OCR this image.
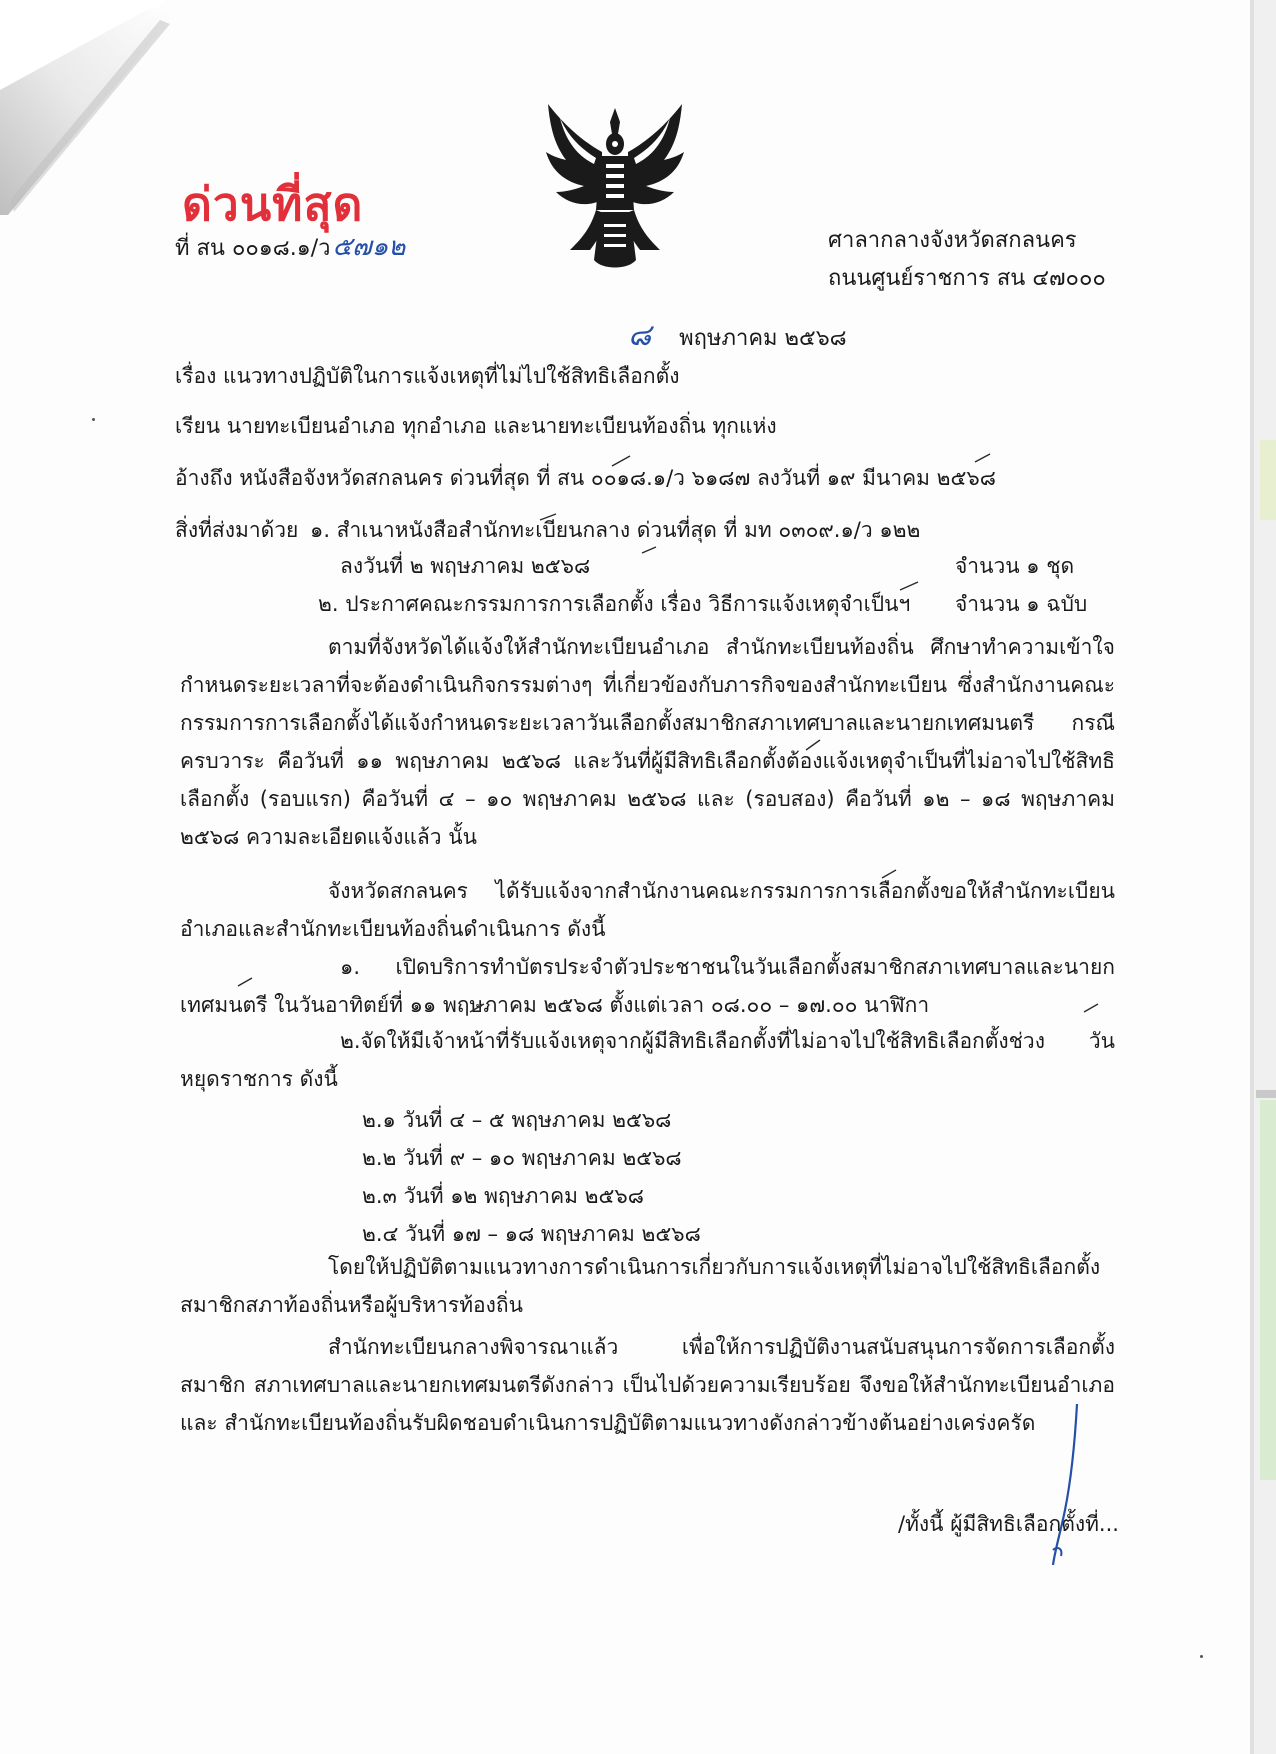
ด่วนที่สุด
ที่ สน ๐๐๑๘.๑/ว๕๗๑๒	ศาลากลางจังหวัดสกลนคร
ถนนศูนย์ราชการ สน ๔๗๐๐๐
๘ พฤษภาคม ๒๕๖๘
เรื่อง แนวทางปฏิบัติในการแจ้งเหตุที่ไม่ไปใช้สิทธิเลือกตั้ง
เรียน นายทะเบียนอำเภอ ทุกอำเภอ และนายทะเบียนท้องถิ่น ทุกแห่ง
อ้างถึง หนังสือจังหวัดสกลนคร ด่วนที่สุด ที่ สน ๐๐๑๘.๑/ว ๖๑๘๗ ลงวันที่ ๑๙ มีนาคม ๒๕๖๘
สิ่งที่ส่งมาด้วย ๑. สำเนาหนังสือสำนักทะเบียนกลาง ด่วนที่สุด ที่ มท ๐๓๐๙.๑/ว ๑๒๒
ลงวันที่ ๒ พฤษภาคม ๒๕๖๘	จำนวน ๑ ชุด
๒. ประกาศคณะกรรมการการเลือกตั้ง เรื่อง วิธีการแจ้งเหตุจำเป็นฯ จำนวน ๑ ฉบับ
ตามที่จังหวัดได้แจ้งให้สำนักทะเบียนอำเภอ สำนักทะเบียนท้องถิ่น ศึกษาทำความเข้าใจ กำหนดระยะเวลาที่จะต้องดำเนินกิจกรรมต่างๆ ที่เกี่ยวข้องกับภารกิจของสำนักทะเบียน ซึ่งสำนักงานคณะกรรมการการเลือกตั้งได้แจ้งกำหนดระยะเวลาวันเลือกตั้งสมาชิกสภาเทศบาลและนายกเทศมนตรี กรณีครบวาระ คือวันที่ ๑๑ พฤษภาคม ๒๕๖๘ และวันที่ผู้มีสิทธิเลือกตั้งต้องแจ้งเหตุจำเป็นที่ไม่อาจไปใช้สิทธิเลือกตั้ง (รอบแรก) คือวันที่ ๔ – ๑๐ พฤษภาคม ๒๕๖๘ และ (รอบสอง) คือวันที่ ๑๒ – ๑๘ พฤษภาคม ๒๕๖๘ ความละเอียดแจ้งแล้ว นั้น
จังหวัดสกลนคร ได้รับแจ้งจากสำนักงานคณะกรรมการการเลือกตั้งขอให้สำนักทะเบียน อำเภอและสำนักทะเบียนท้องถิ่นดำเนินการ ดังนี้
๑. เปิดบริการทำบัตรประจำตัวประชาชนในวันเลือกตั้งสมาชิกสภาเทศบาลและนายกเทศมนตรี ในวันอาทิตย์ที่ ๑๑ พฤษภาคม ๒๕๖๘ ตั้งแต่เวลา ๐๘.๐๐ – ๑๗.๐๐ นาฬิกา
๒.จัดให้มีเจ้าหน้าที่รับแจ้งเหตุจากผู้มีสิทธิเลือกตั้งที่ไม่อาจไปใช้สิทธิเลือกตั้งช่วง วันหยุดราชการ ดังนี้
๒.๑ วันที่ ๔ – ๕ พฤษภาคม ๒๕๖๘
๒.๒ วันที่ ๙ – ๑๐ พฤษภาคม ๒๕๖๘
๒.๓ วันที่ ๑๒ พฤษภาคม ๒๕๖๘
๒.๔ วันที่ ๑๗ – ๑๘ พฤษภาคม ๒๕๖๘
โดยให้ปฏิบัติตามแนวทางการดำเนินการเกี่ยวกับการแจ้งเหตุที่ไม่อาจไปใช้สิทธิเลือกตั้ง สมาชิกสภาท้องถิ่นหรือผู้บริหารท้องถิ่น
สำนักทะเบียนกลางพิจารณาแล้ว เพื่อให้การปฏิบัติงานสนับสนุนการจัดการเลือกตั้งสมาชิก สภาเทศบาลและนายกเทศมนตรีดังกล่าว เป็นไปด้วยความเรียบร้อย จึงขอให้สำนักทะเบียนอำเภอและ สำนักทะเบียนท้องถิ่นรับผิดชอบดำเนินการปฏิบัติตามแนวทางดังกล่าวข้างต้นอย่างเคร่งครัด
/ทั้งนี้ ผู้มีสิทธิเลือกตั้งที่...
